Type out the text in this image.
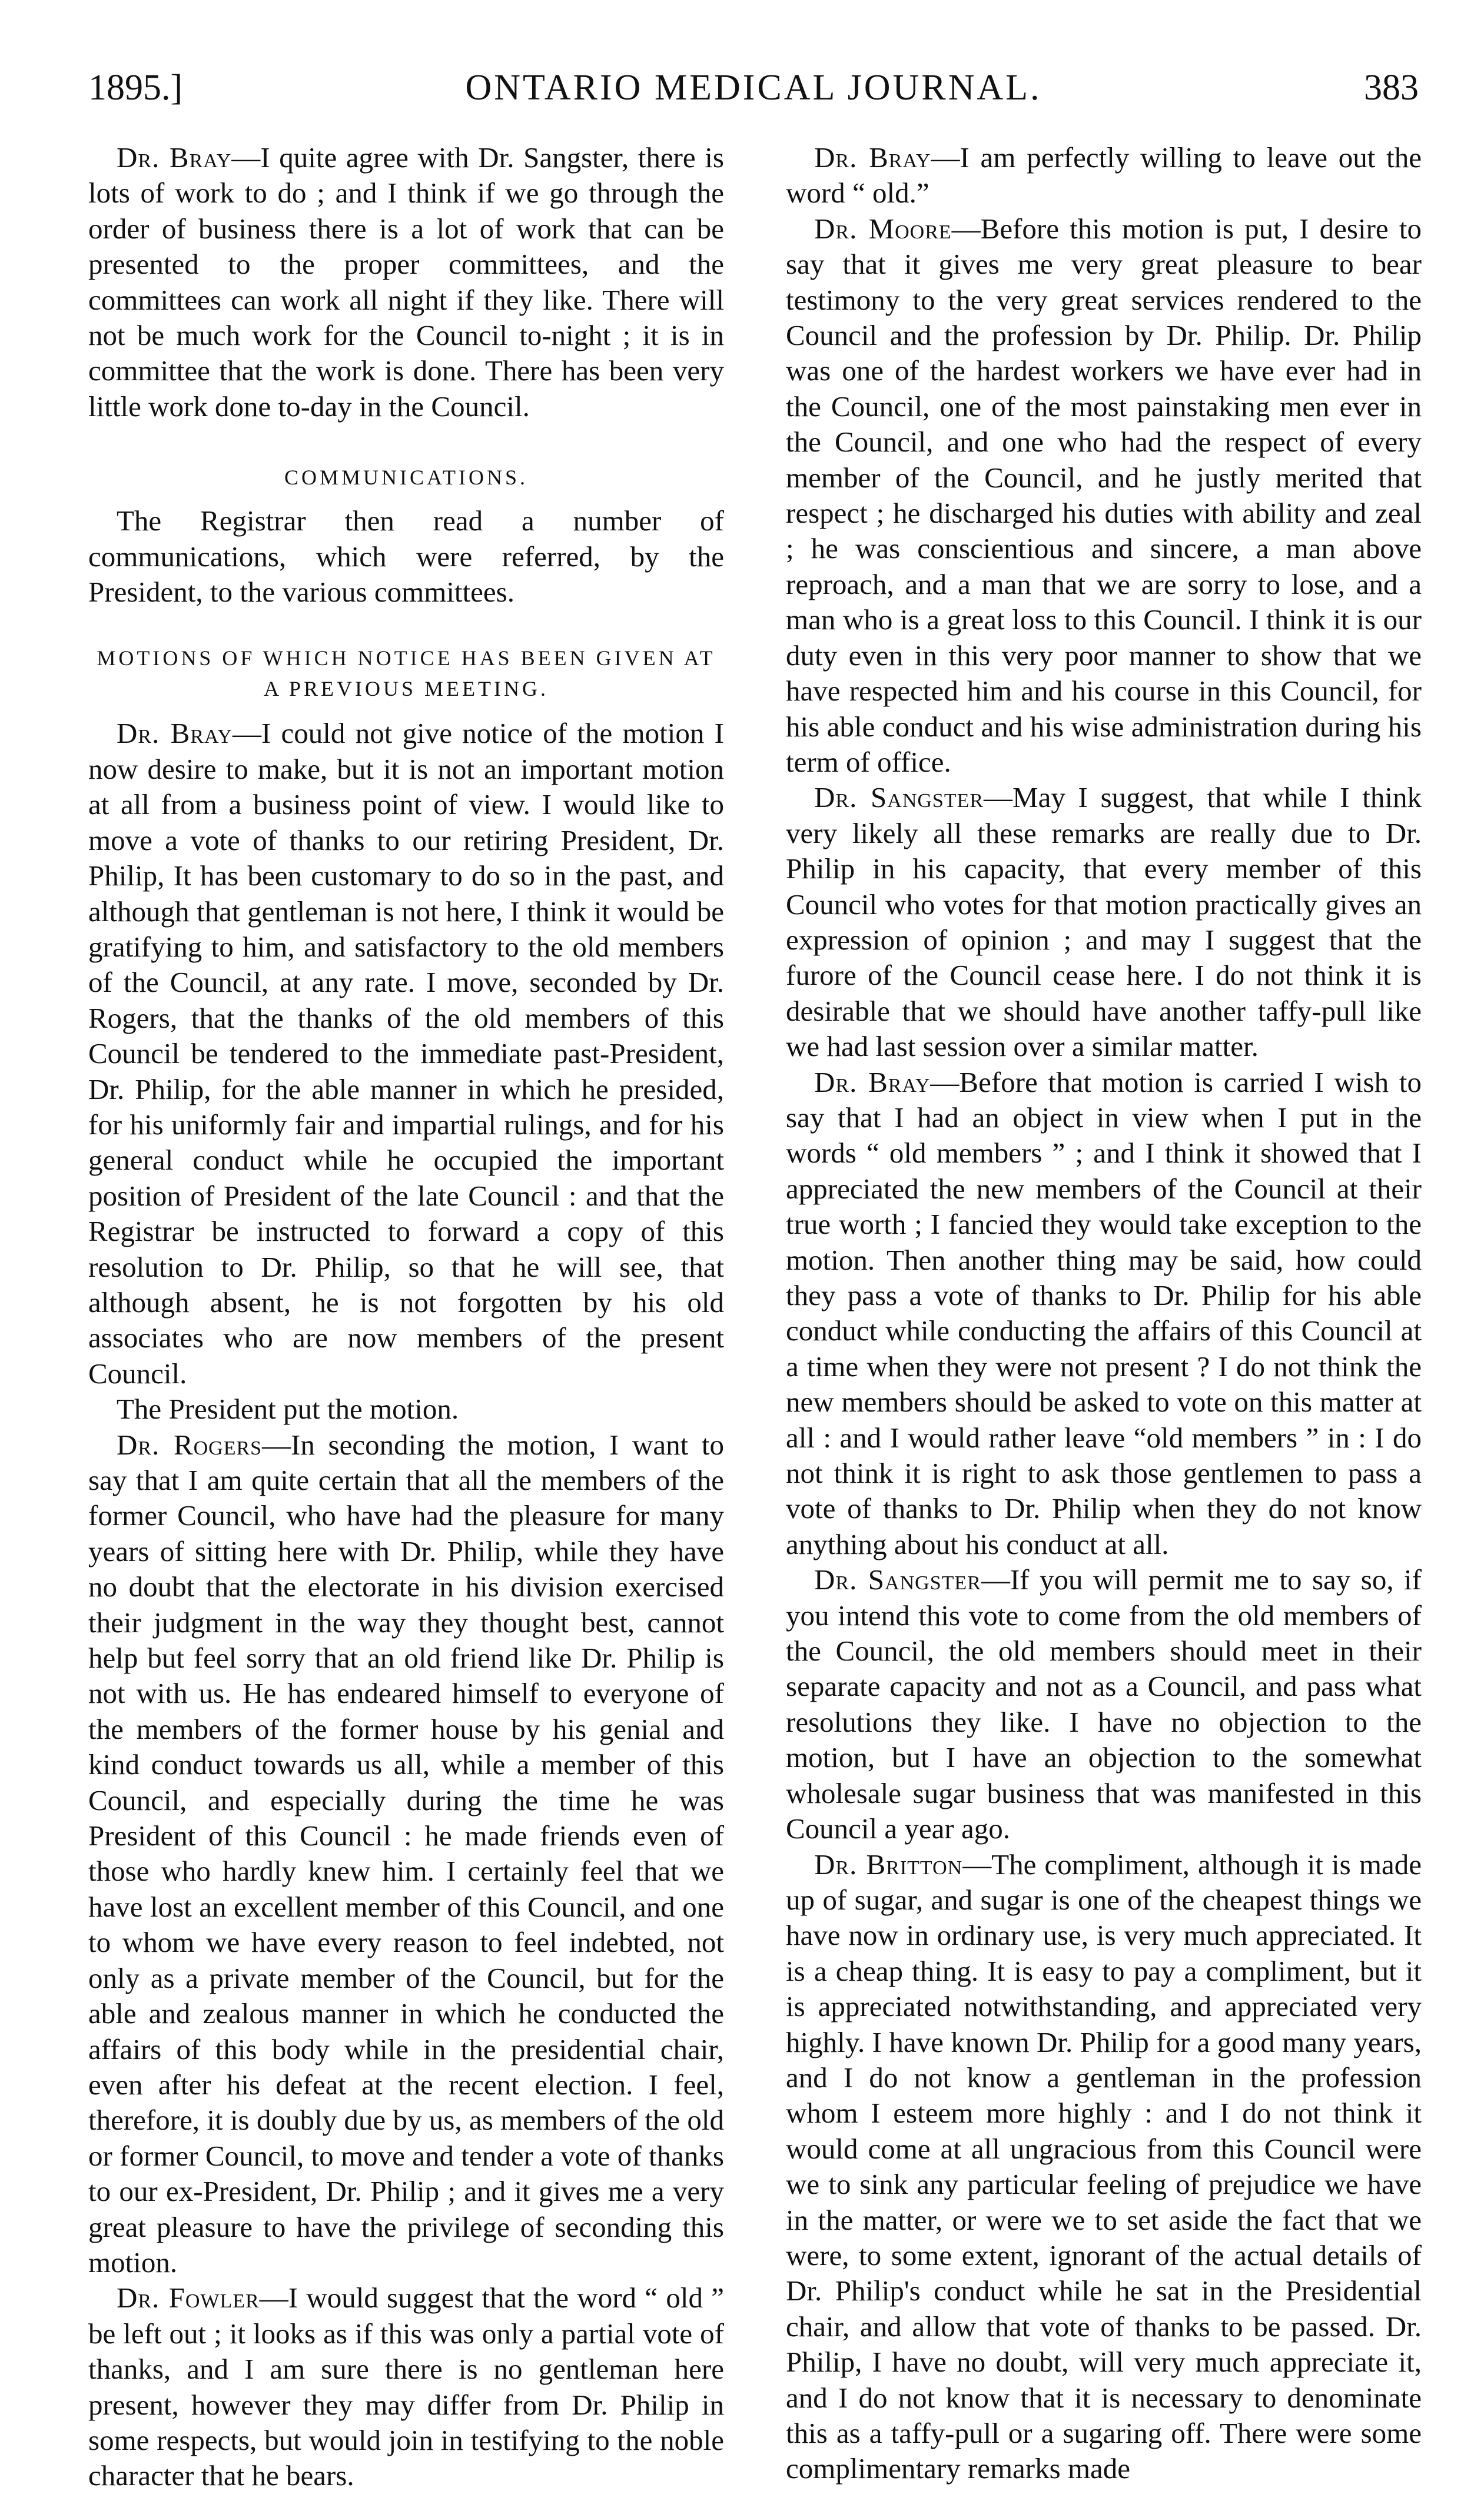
1895.]	ONTARIO MEDICAL JOURNAL.	383

Dr. Bray—I quite agree with Dr. Sangster, there is lots of work to do ; and I think if we go through the order of business there is a lot of work that can be presented to the proper committees, and the committees can work all night if they like. There will not be much work for the Council to-night ; it is in committee that the work is done. There has been very little work done to-day in the Council.

COMMUNICATIONS.

The Registrar then read a number of communications, which were referred, by the President, to the various committees.

MOTIONS OF WHICH NOTICE HAS BEEN GIVEN AT A PREVIOUS MEETING.

Dr. Bray—I could not give notice of the motion I now desire to make, but it is not an important motion at all from a business point of view. I would like to move a vote of thanks to our retiring President, Dr. Philip, It has been customary to do so in the past, and although that gentleman is not here, I think it would be gratifying to him, and satisfactory to the old members of the Council, at any rate. I move, seconded by Dr. Rogers, that the thanks of the old members of this Council be tendered to the immediate past-President, Dr. Philip, for the able manner in which he presided, for his uniformly fair and impartial rulings, and for his general conduct while he occupied the important position of President of the late Council : and that the Registrar be instructed to forward a copy of this resolution to Dr. Philip, so that he will see, that although absent, he is not forgotten by his old associates who are now members of the present Council.

The President put the motion.

Dr. Rogers—In seconding the motion, I want to say that I am quite certain that all the members of the former Council, who have had the pleasure for many years of sitting here with Dr. Philip, while they have no doubt that the electorate in his division exercised their judgment in the way they thought best, cannot help but feel sorry that an old friend like Dr. Philip is not with us. He has endeared himself to everyone of the members of the former house by his genial and kind conduct towards us all, while a member of this Council, and especially during the time he was President of this Council : he made friends even of those who hardly knew him. I certainly feel that we have lost an excellent member of this Council, and one to whom we have every reason to feel indebted, not only as a private member of the Council, but for the able and zealous manner in which he conducted the affairs of this body while in the presidential chair, even after his defeat at the recent election. I feel, therefore, it is doubly due by us, as members of the old or former Council, to move and tender a vote of thanks to our ex-President, Dr. Philip ; and it gives me a very great pleasure to have the privilege of seconding this motion.

Dr. Fowler—I would suggest that the word “ old ” be left out ; it looks as if this was only a partial vote of thanks, and I am sure there is no gentleman here present, however they may differ from Dr. Philip in some respects, but would join in testifying to the noble character that he bears.

Dr. Bray—I am perfectly willing to leave out the word “ old.”

Dr. Moore—Before this motion is put, I desire to say that it gives me very great pleasure to bear testimony to the very great services rendered to the Council and the profession by Dr. Philip. Dr. Philip was one of the hardest workers we have ever had in the Council, one of the most painstaking men ever in the Council, and one who had the respect of every member of the Council, and he justly merited that respect ; he discharged his duties with ability and zeal ; he was conscientious and sincere, a man above reproach, and a man that we are sorry to lose, and a man who is a great loss to this Council. I think it is our duty even in this very poor manner to show that we have respected him and his course in this Council, for his able conduct and his wise administration during his term of office.

Dr. Sangster—May I suggest, that while I think very likely all these remarks are really due to Dr. Philip in his capacity, that every member of this Council who votes for that motion practically gives an expression of opinion ; and may I suggest that the furore of the Council cease here. I do not think it is desirable that we should have another taffy-pull like we had last session over a similar matter.

Dr. Bray—Before that motion is carried I wish to say that I had an object in view when I put in the words “ old members ” ; and I think it showed that I appreciated the new members of the Council at their true worth ; I fancied they would take exception to the motion. Then another thing may be said, how could they pass a vote of thanks to Dr. Philip for his able conduct while conducting the affairs of this Council at a time when they were not present ? I do not think the new members should be asked to vote on this matter at all : and I would rather leave “old members ” in : I do not think it is right to ask those gentlemen to pass a vote of thanks to Dr. Philip when they do not know anything about his conduct at all.

Dr. Sangster—If you will permit me to say so, if you intend this vote to come from the old members of the Council, the old members should meet in their separate capacity and not as a Council, and pass what resolutions they like. I have no objection to the motion, but I have an objection to the somewhat wholesale sugar business that was manifested in this Council a year ago.

Dr. Britton—The compliment, although it is made up of sugar, and sugar is one of the cheapest things we have now in ordinary use, is very much appreciated. It is a cheap thing. It is easy to pay a compliment, but it is appreciated notwithstanding, and appreciated very highly. I have known Dr. Philip for a good many years, and I do not know a gentleman in the profession whom I esteem more highly : and I do not think it would come at all ungracious from this Council were we to sink any particular feeling of prejudice we have in the matter, or were we to set aside the fact that we were, to some extent, ignorant of the actual details of Dr. Philip's conduct while he sat in the Presidential chair, and allow that vote of thanks to be passed. Dr. Philip, I have no doubt, will very much appreciate it, and I do not know that it is necessary to denominate this as a taffy-pull or a sugaring off. There were some complimentary remarks made
